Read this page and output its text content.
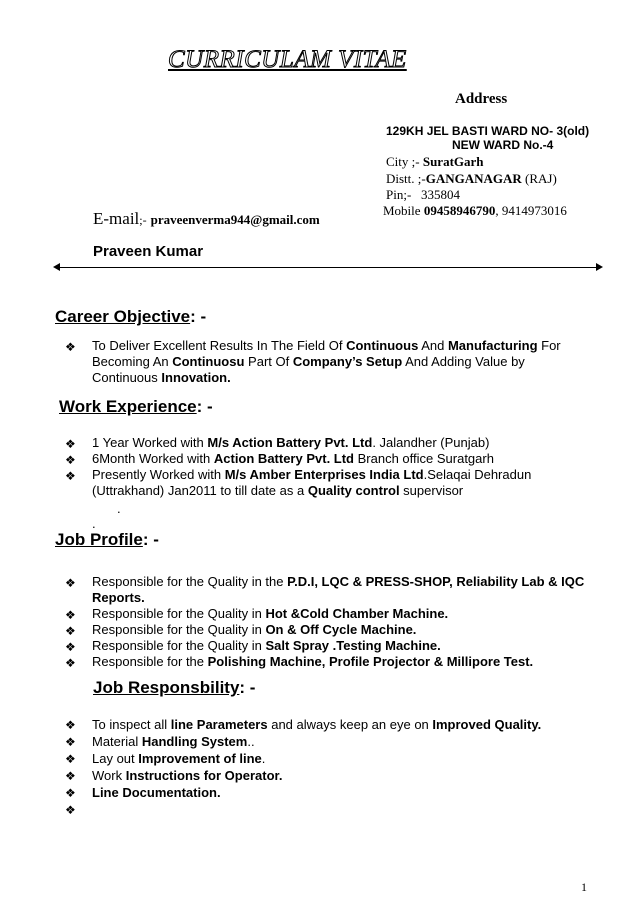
CURRICULAM VITAE
Address
129KH JEL BASTI WARD NO- 3(old)
NEW WARD No.-4
City ;- SuratGarh
Distt. ;-GANGANAGAR (RAJ)
Pin;- 335804
Mobile 09458946790, 9414973016
E-mail;- praveenverma944@gmail.com
Praveen Kumar
Career Objective: -
❖ To Deliver Excellent Results In The Field Of Continuous And Manufacturing For Becoming An Continuosu Part Of Company’s Setup And Adding Value by Continuous Innovation.
Work Experience: -
❖ 1 Year Worked with M/s Action Battery Pvt. Ltd. Jalandher (Punjab)
❖ 6Month Worked with Action Battery Pvt. Ltd Branch office Suratgarh
❖ Presently Worked with M/s Amber Enterprises India Ltd.Selaqai Dehradun (Uttrakhand) Jan2011 to till date as a Quality control supervisor
.
.
Job Profile: -
❖ Responsible for the Quality in the P.D.I, LQC & PRESS-SHOP, Reliability Lab & IQC Reports.
❖ Responsible for the Quality in Hot &Cold Chamber Machine.
❖ Responsible for the Quality in On & Off Cycle Machine.
❖ Responsible for the Quality in Salt Spray .Testing Machine.
❖ Responsible for the Polishing Machine, Profile Projector & Millipore Test.
Job Responsbility: -
❖ To inspect all line Parameters and always keep an eye on Improved Quality.
❖ Material Handling System..
❖ Lay out Improvement of line.
❖ Work Instructions for Operator.
❖ Line Documentation.
❖
1
